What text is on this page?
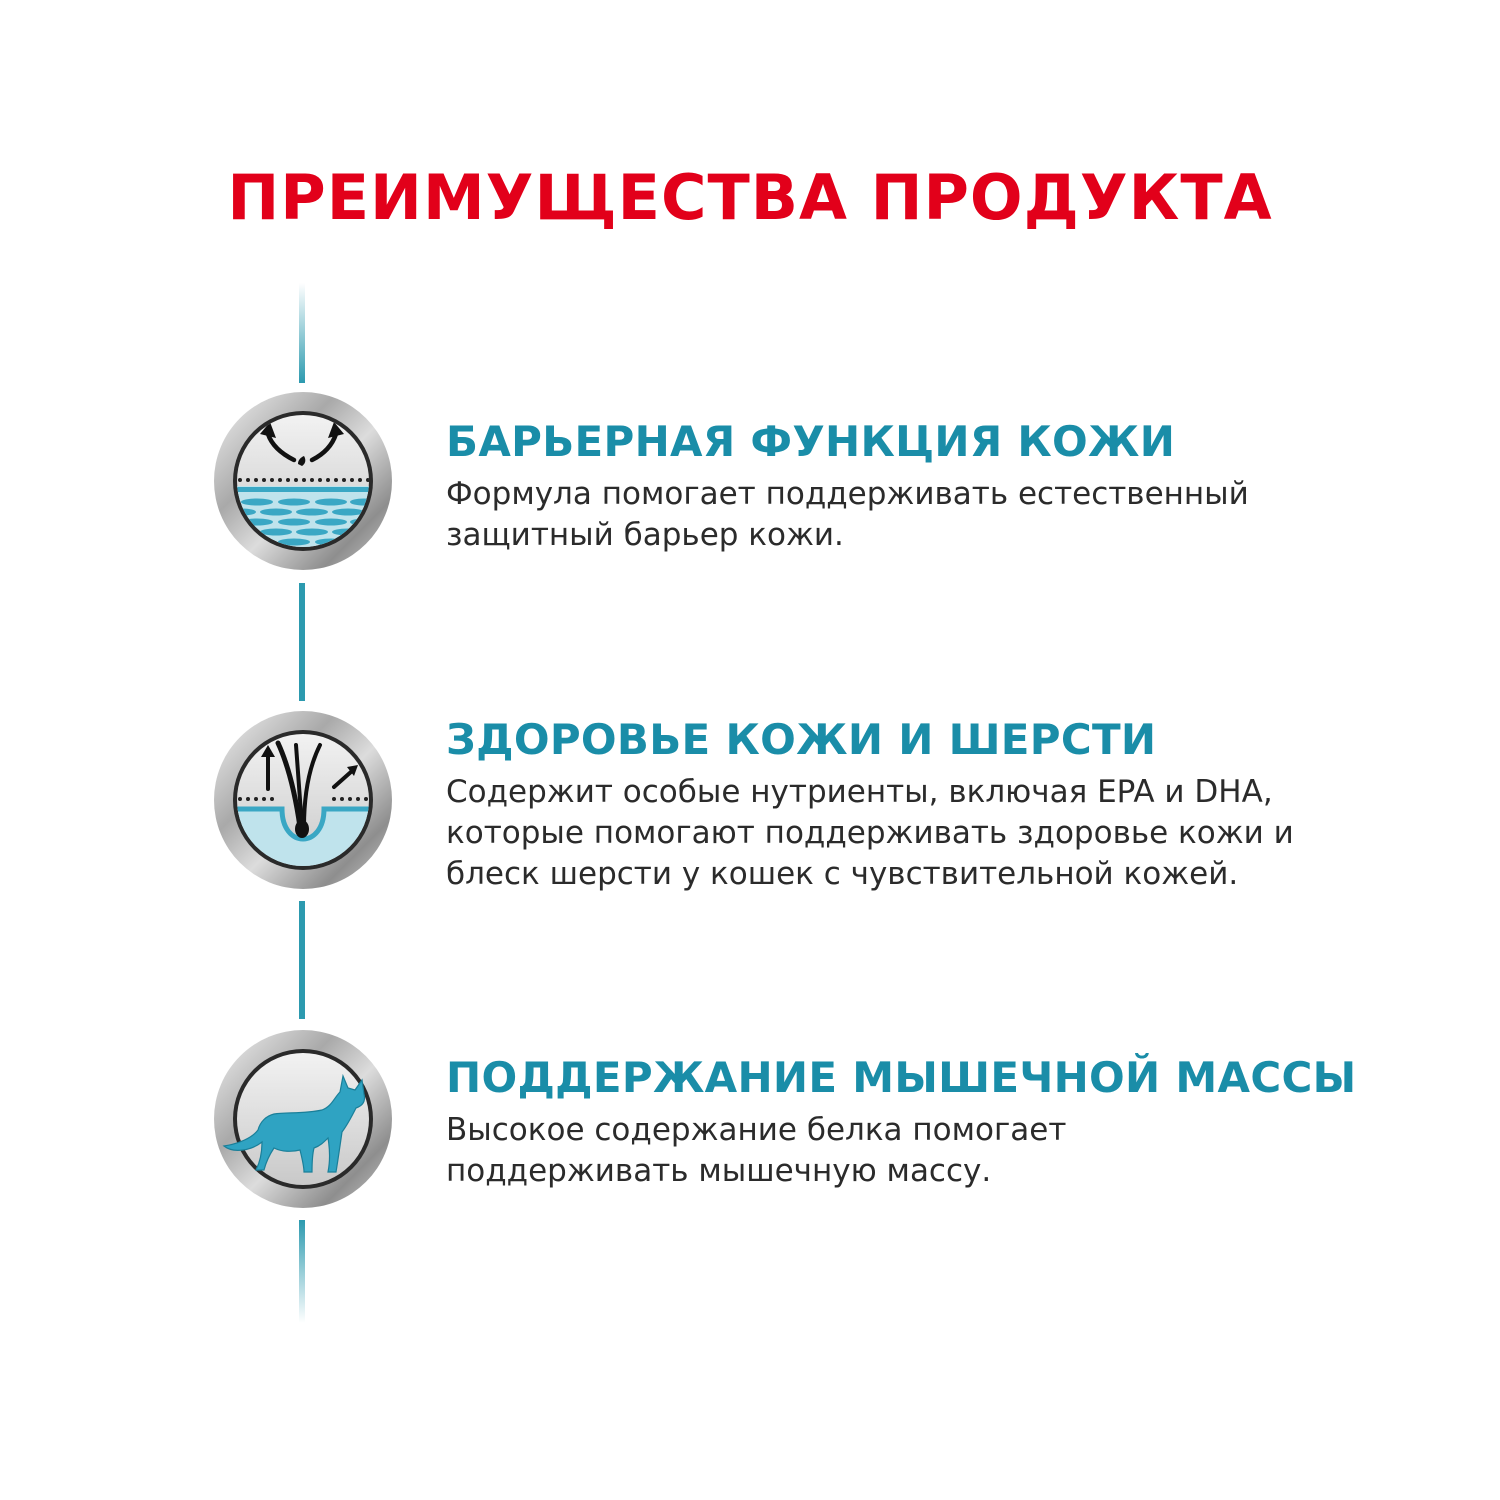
ПРЕИМУЩЕСТВА ПРОДУКТА
БАРЬЕРНАЯ ФУНКЦИЯ КОЖИ
Формула помогает поддерживать естественный
защитный барьер кожи.
ЗДОРОВЬЕ КОЖИ И ШЕРСТИ
Содержит особые нутриенты, включая EPA и DHA,
которые помогают поддерживать здоровье кожи и
блеск шерсти у кошек с чувствительной кожей.
ПОДДЕРЖАНИЕ МЫШЕЧНОЙ МАССЫ
Высокое содержание белка помогает
поддерживать мышечную массу.
